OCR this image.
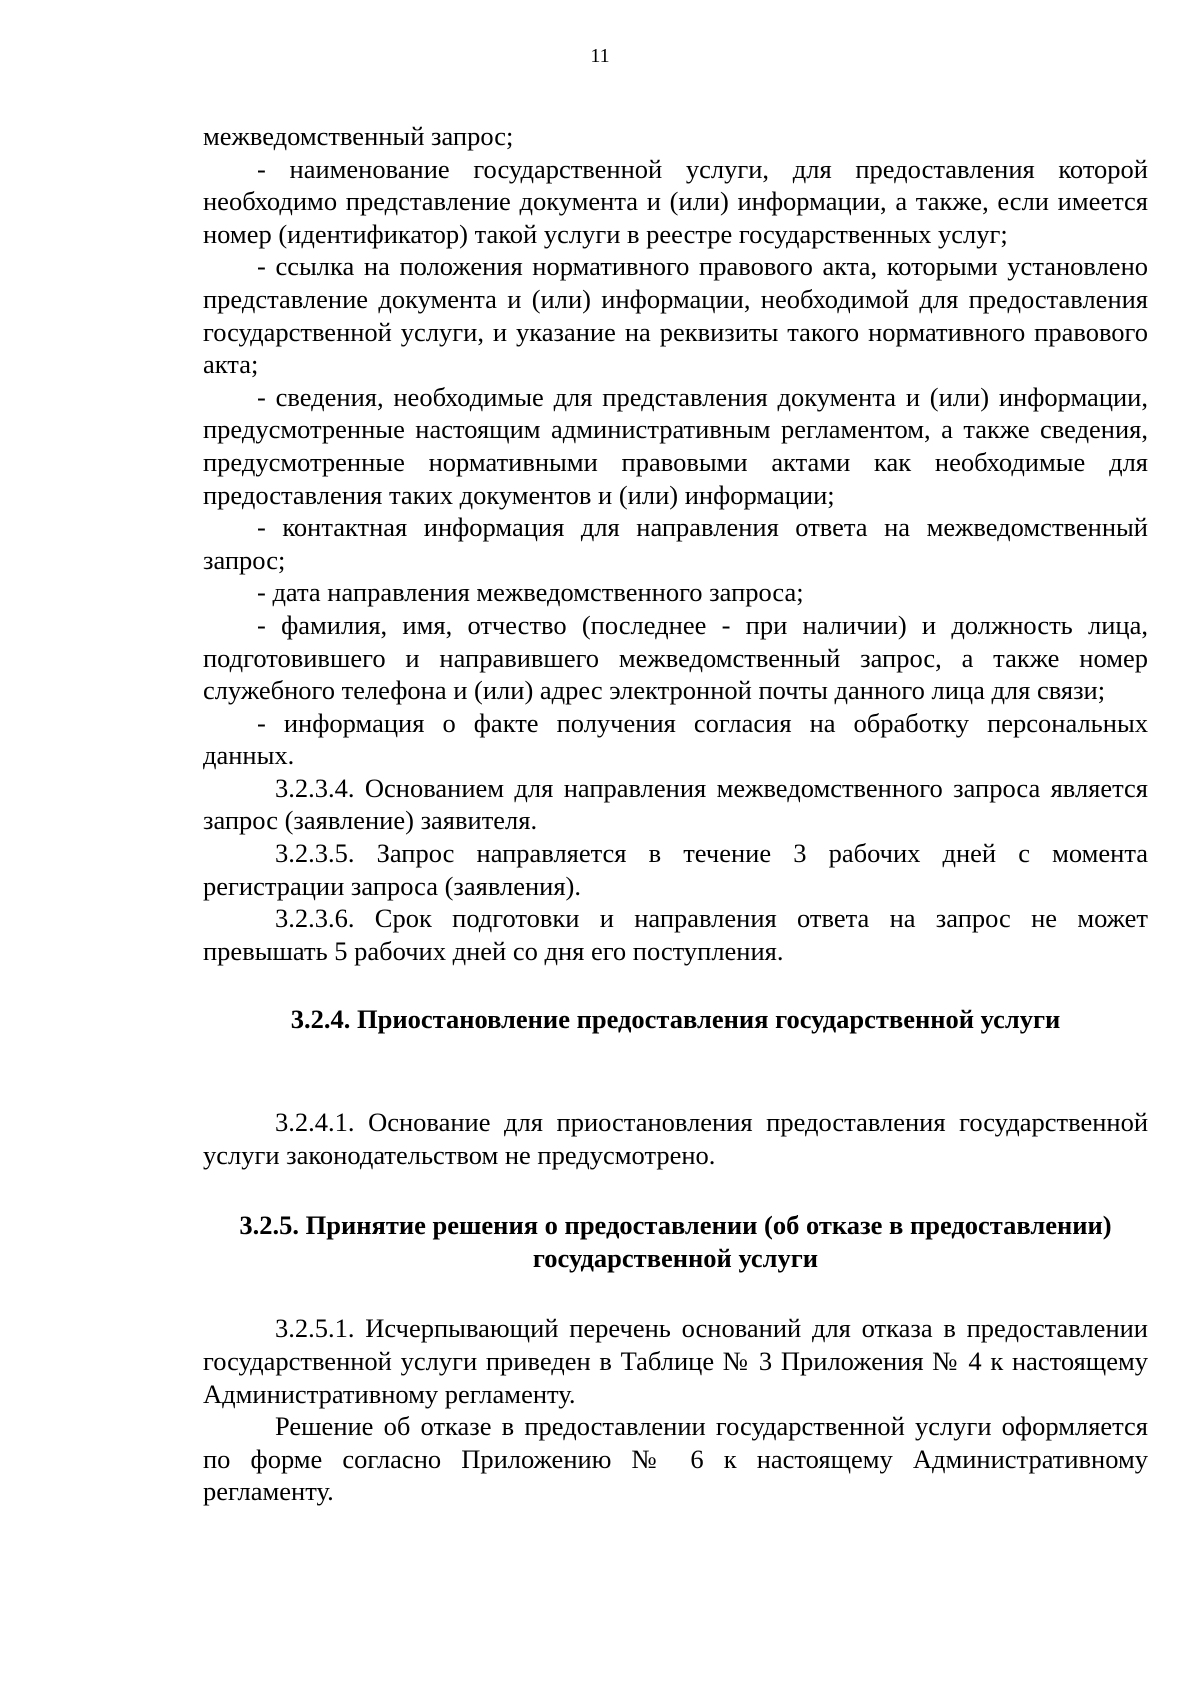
11

межведомственный запрос;

- наименование государственной услуги, для предоставления которой необходимо представление документа и (или) информации, а также, если имеется номер (идентификатор) такой услуги в реестре государственных услуг;

- ссылка на положения нормативного правового акта, которыми установлено представление документа и (или) информации, необходимой для предоставления государственной услуги, и указание на реквизиты такого нормативного правового акта;

- сведения, необходимые для представления документа и (или) информации, предусмотренные настоящим административным регламентом, а также сведения, предусмотренные нормативными правовыми актами как необходимые для предоставления таких документов и (или) информации;

- контактная информация для направления ответа на межведомственный запрос;

- дата направления межведомственного запроса;

- фамилия, имя, отчество (последнее - при наличии) и должность лица, подготовившего и направившего межведомственный запрос, а также номер служебного телефона и (или) адрес электронной почты данного лица для связи;

- информация о факте получения согласия на обработку персональных данных.

3.2.3.4. Основанием для направления межведомственного запроса является запрос (заявление) заявителя.

3.2.3.5. Запрос направляется в течение 3 рабочих дней с момента регистрации запроса (заявления).

3.2.3.6. Срок подготовки и направления ответа на запрос не может превышать 5 рабочих дней со дня его поступления.

3.2.4. Приостановление предоставления государственной услуги

3.2.4.1. Основание для приостановления предоставления государственной услуги законодательством не предусмотрено.

3.2.5. Принятие решения о предоставлении (об отказе в предоставлении) государственной услуги

3.2.5.1. Исчерпывающий перечень оснований для отказа в предоставлении государственной услуги приведен в Таблице № 3 Приложения № 4 к настоящему Административному регламенту.

Решение об отказе в предоставлении государственной услуги оформляется по форме согласно Приложению № 6 к настоящему Административному регламенту.
